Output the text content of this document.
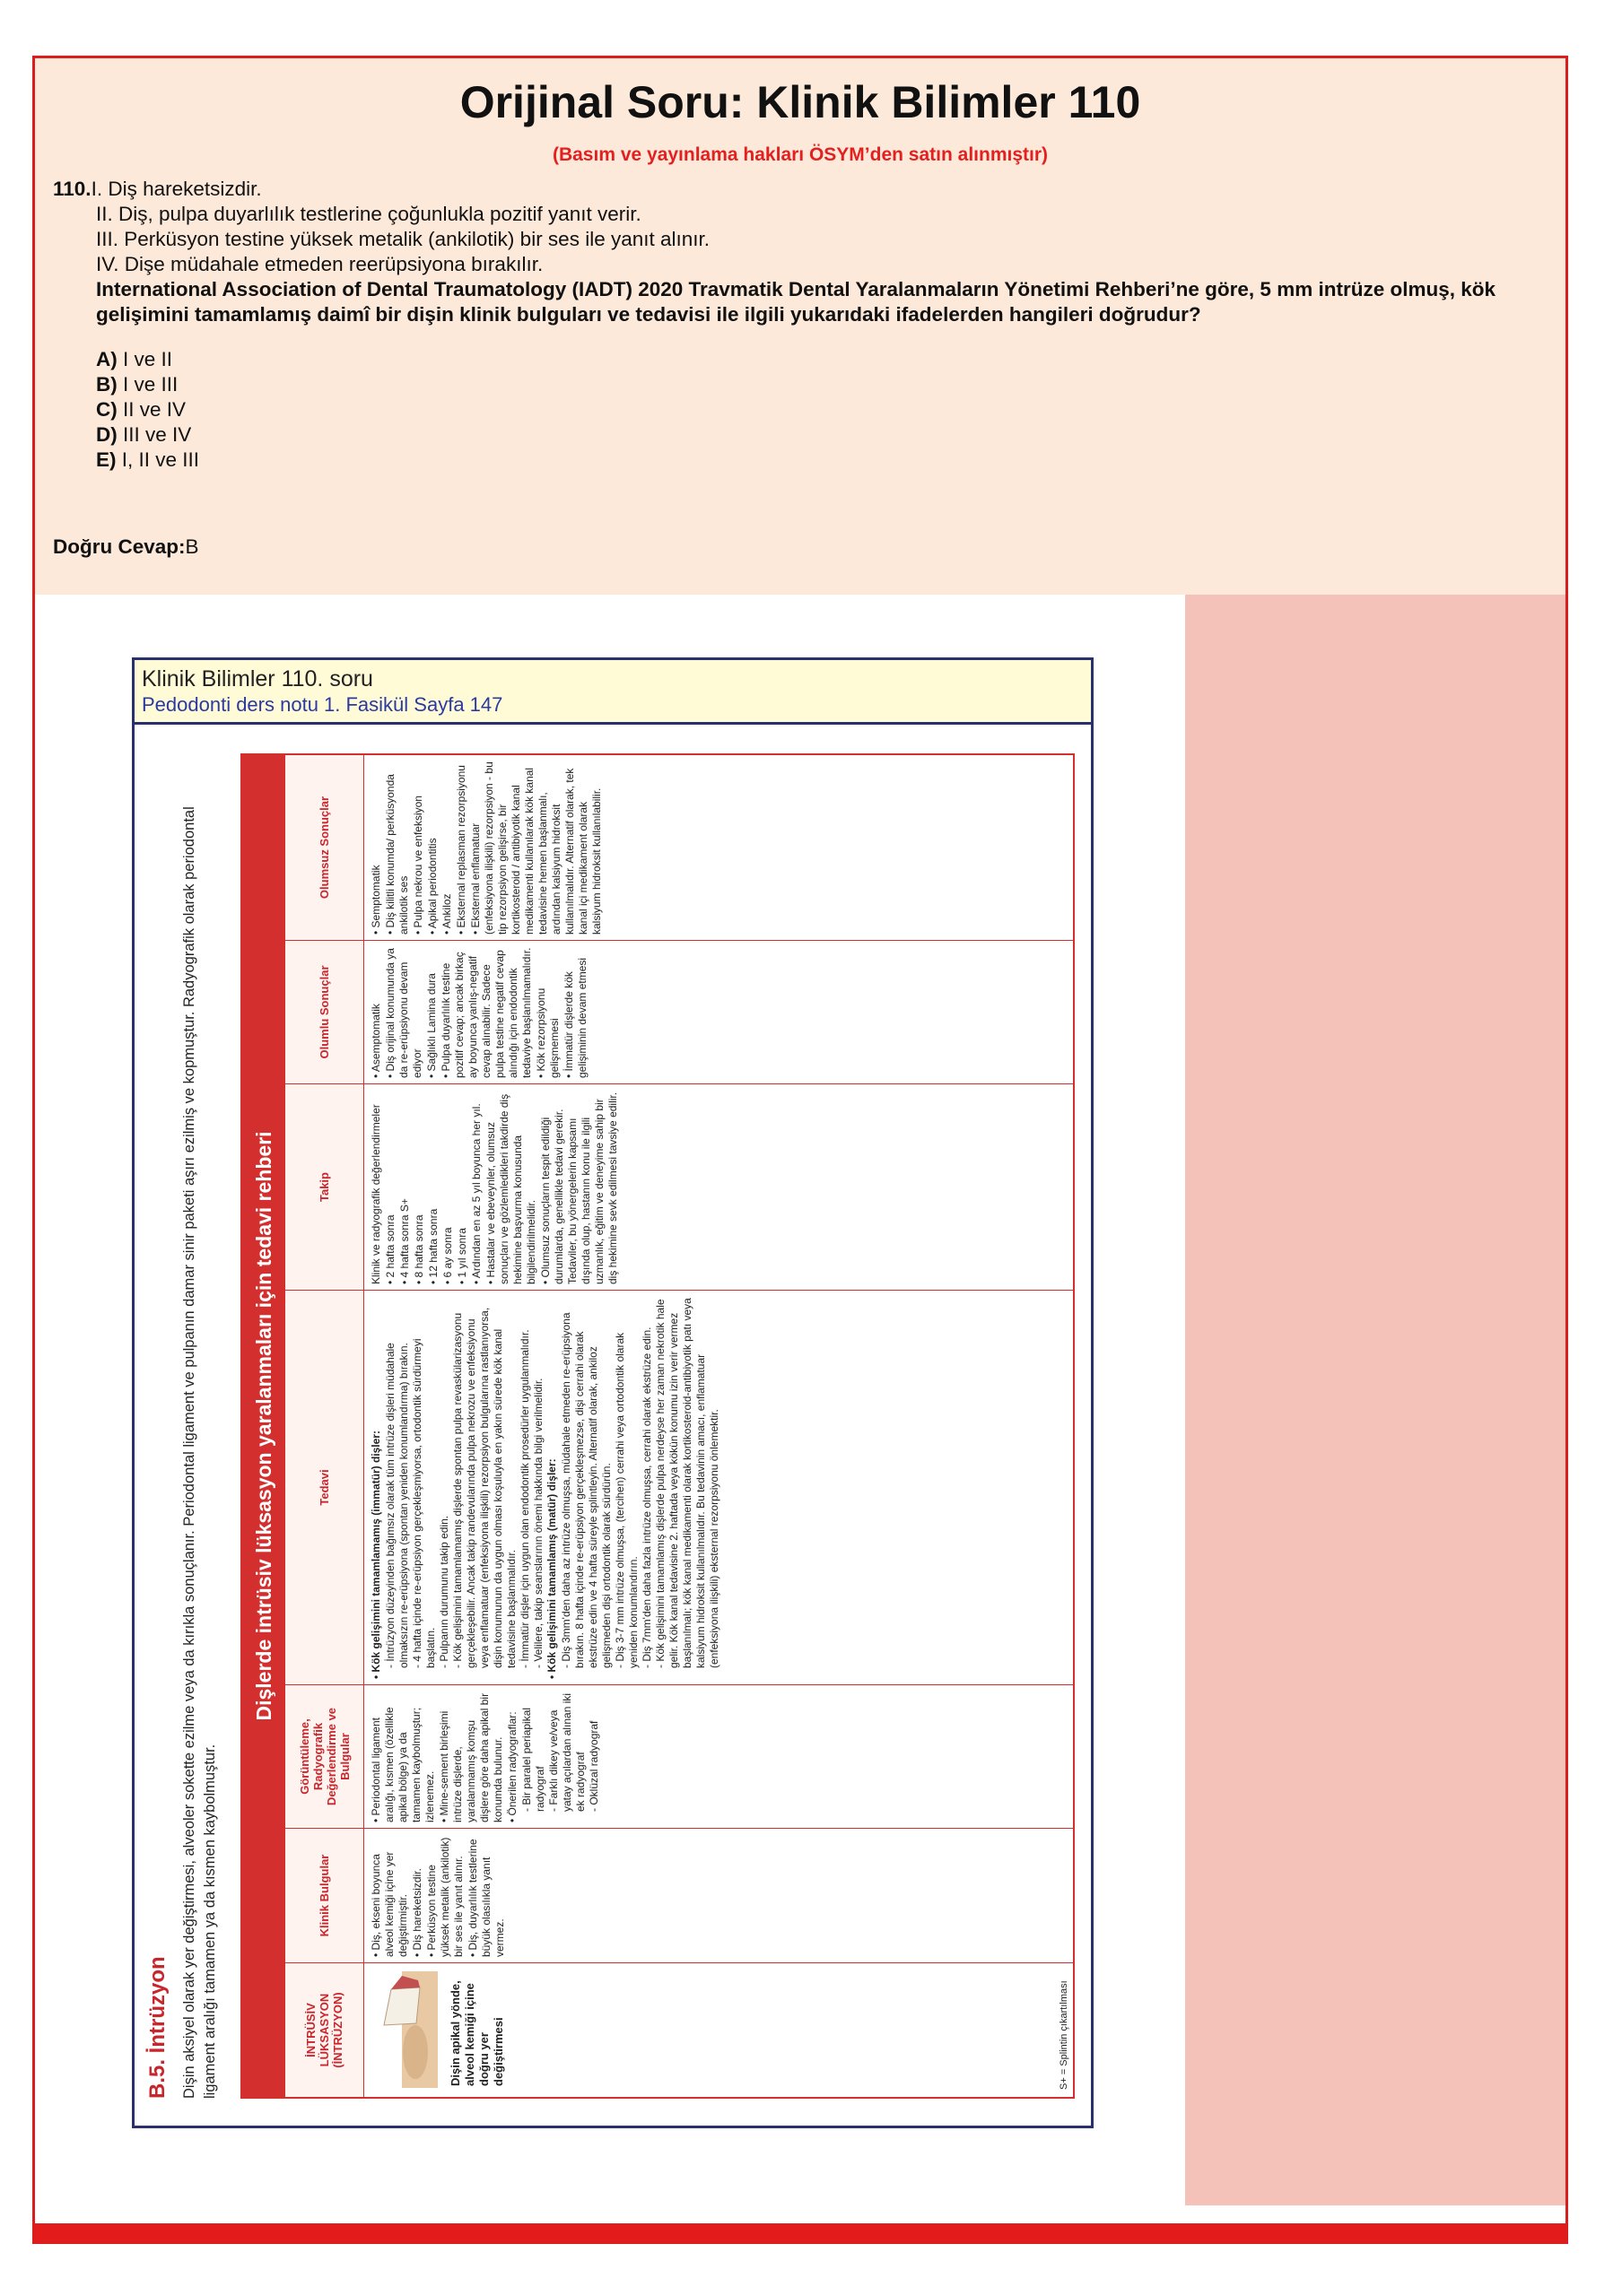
Orijinal Soru: Klinik Bilimler 110
(Basım ve yayınlama hakları ÖSYM’den satın alınmıştır)
110.I. Diş hareketsizdir.
II. Diş, pulpa duyarlılık testlerine çoğunlukla pozitif yanıt verir.
III. Perküsyon testine yüksek metalik (ankilotik) bir ses ile yanıt alınır.
IV. Dişe müdahale etmeden reerüpsiyona bırakılır.
International Association of Dental Traumatology (IADT) 2020 Travmatik Dental Yaralanmaların Yönetimi Rehberi’ne göre, 5 mm intrüze olmuş, kök gelişimini tamamlamış daimî bir dişin klinik bulguları ve tedavisi ile ilgili yukarıdaki ifadelerden hangileri doğrudur?
A) I ve II
B) I ve III
C) II ve IV
D) III ve IV
E) I, II ve III
Doğru Cevap:B
Klinik Bilimler 110. soru
Pedodonti ders notu 1. Fasikül Sayfa 147
B.5. İntrüzyon Dişin aksiyel olarak yer değiştirmesi, alveoler sokette ezilme veya da kırıkla sonuçlanır. Periodontal ligament ve pulpanın damar sinir paketi aşırı ezilmiş ve kopmuştur. Radyografik olarak periodontal ligament aralığı tamamen ya da kısmen kaybolmuştur.
Dişlerde intrüsiv lüksasyon yaralanmaları için tedavi rehberi
İNTRÜSİV LÜKSASYON (İNTRÜZYON)	Dişin apikal yönde, alveol kemiği içine doğru yer değiştirmesi
Klinik Bulgular
• Diş, ekseni boyunca alveol kemiği içine yer değiştirmiştir. • Diş hareketsizdir.
• Perküsyon testine yüksek metalik (ankilotik) bir ses ile yanıt alınır. • Diş, duyarlılık testlerine büyük olasılıkla yanıt vermez.
Görüntüleme, Radyografik Değerlendirme ve Bulgular
• Periodontal ligament aralığı, kısmen (özellikle apikal bölge) ya da tamamen kaybolmuştur; izlenemez. • Mine-sement birleşimi intrüze dişlerde, yaralanmamış komşu dişlere göre daha apikal bir konumda bulunur. • Önerilen radyograflar: - Bir paralel periapikal radyograf - Farklı dikey ve/veya yatay açılardan alınan iki ek radyograf - Oklüzal radyograf
Tedavi
• Kök gelişimini tamamlamamış (immatür) dişler: - İntrüzyon düzeyinden bağımsız olarak tüm intrüze dişleri müdahale olmaksızın re-erüpsiyona (spontan yeniden konumlandırma) bırakın. - 4 hafta içinde re-erüpsiyon gerçekleşmiyorsa, ortodontik sürdürmeyi başlatın. - Pulpanın durumunu takip edin.
- Kök gelişimini tamamlamamış dişlerde spontan pulpa revaskülarizasyonu gerçekleşebilir. Ancak takip randevularında pulpa nekrozu ve enfeksiyonu veya enflamatuar (enfeksiyona ilişkili) rezorpsiyon bulgularına rastlanıyorsa, dişin konumunun da uygun olması koşuluyla en yakın sürede kök kanal tedavisine başlanmalıdır. - İmmatür dişler için uygun olan endodontik prosedürler uygulanmalıdır.
- Velilere, takip seanslarının önemi hakkında bilgi verilmelidir.
• Kök gelişimini tamamlamış (matür) dişler: - Diş 3mm'den daha az intrüze olmuşsa, müdahale etmeden re-erüpsiyona bırakın. 8 hafta içinde re-erüpsiyon gerçekleşmezse, dişi cerrahi olarak ekstrüze edin ve 4 hafta süreyle splintleyin. Alternatif olarak, ankiloz gelişmeden dişi ortodontik olarak sürdürün. - Diş 3-7 mm intrüze olmuşsa, (tercihen) cerrahi veya ortodontik olarak yeniden konumlandırın. - Diş 7mm'den daha fazla intrüze olmuşsa, cerrahi olarak ekstrüze edin.
- Kök gelişimini tamamlamış dişlerde pulpa nerdeyse her zaman nekrotik hale gelir. Kök kanal tedavisine 2. haftada veya kökün konumu izin verir vermez başlanılmalı; kök kanal medikamenti olarak kortikosteroid-antibiyotik patı veya kalsiyum hidroksit kullanılmalıdır. Bu tedavinin amacı, enflamatuar (enfeksiyona ilişkili) eksternal rezorpsiyonu önlemektir.
Takip	Klinik ve radyografik değerlendirmeler • 2 hafta sonra
• 4 hafta sonra S+
• 8 hafta sonra
• 12 hafta sonra
• 6 ay sonra
• 1 yıl sonra
• Ardından en az 5 yıl boyunca her yıl.
• Hastalar ve ebeveynler, olumsuz sonuçları ve gözlemledikleri takdirde diş hekimine başvurma konusunda bilgilendirilmelidir. • Olumsuz sonuçların tespit edildiği durumlarda, genellikle tedavi gerekir. Tedaviler, bu yönergelerin kapsamı dışında olup, hastanın konu ile ilgili uzmanlık, eğitim ve deneyime sahip bir diş hekimine sevk edilmesi tavsiye edilir.
Olumlu Sonuçlar
• Asemptomatik
• Diş orijinal konumunda ya da re-erüpsiyonu devam ediyor • Sağlıklı Lamina dura
• Pulpa duyarlılık testine pozitif cevap; ancak birkaç ay boyunca yanlış-negatif cevap alınabilir. Sadece pulpa testine negatif cevap alındığı için endodontik tedaviye başlanılmamalıdır. • Kök rezorpsiyonu gelişmemesi • İmmatür dişlerde kök gelişiminin devam etmesi
Olumsuz Sonuçlar
• Semptomatik
• Diş kilitli konumda/ perküsyonda ankilotik ses • Pulpa nekrou ve enfeksiyon
• Apikal periodontitis
• Ankiloz
• Eksternal replasman rezorpsiyonu
• Eksternal enflamatuar (enfeksiyona ilişkili) rezorpsiyon - bu tip rezorpsiyon gelişirse, bir kortikosteroid / antibiyotik kanal medikamenti kullanılarak kök kanal tedavisine hemen başlanmalı, ardından kalsiyum hidroksit kullanılmalıdır. Alternatif olarak, tek kanal içi medikament olarak kalsiyum hidroksit kullanılabilir.
S+ = Splintin çıkartılması
